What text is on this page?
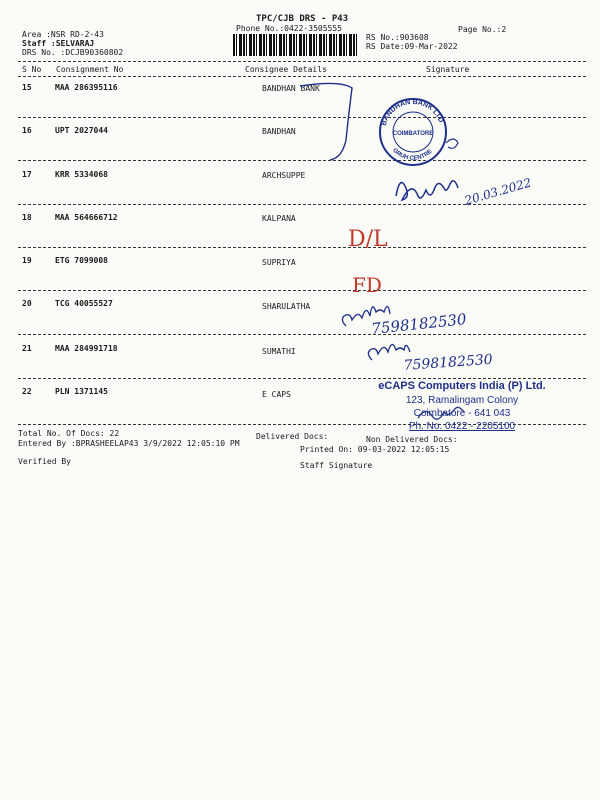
TPC/CJB DRS - P43
Phone No.:0422-3505555	Page No.:2
Area :NSR RD-2-43
Staff :SELVARAJ
DRS No. :DCJB90360802
RS No.:903608
RS Date:09-Mar-2022
S No Consignment No	Consignee Details	Signature
15	MAA 286395116	BANDHAN BANK
16	UPT 2027044	BANDHAN
17	KRR 5334068	ARCHSUPPE
18	MAA 564666712	KALPANA
19	ETG 7099008	SUPRIYA
20	TCG 40055527	SHARULATHA
21	MAA 284991718	SUMATHI
22	PLN 1371145	E CAPS
Total No. Of Docs: 22	Delivered Docs:	Non Delivered Docs:
Entered By :BPRASHEELAP43 3/9/2022 12:05:10 PM
Printed On: 09-03-2022 12:05:15
Verified By	Staff Signature
BANDHAN BANK LTD
COIMBATORE
GRUH CENTRE
20.03.2022
D/L
FD
7598182530
7598182530
eCAPS Computers India (P) Ltd.
123, Ramalingam Colony
Coimbatore - 641 043
Ph. No. 0422 - 2205100
